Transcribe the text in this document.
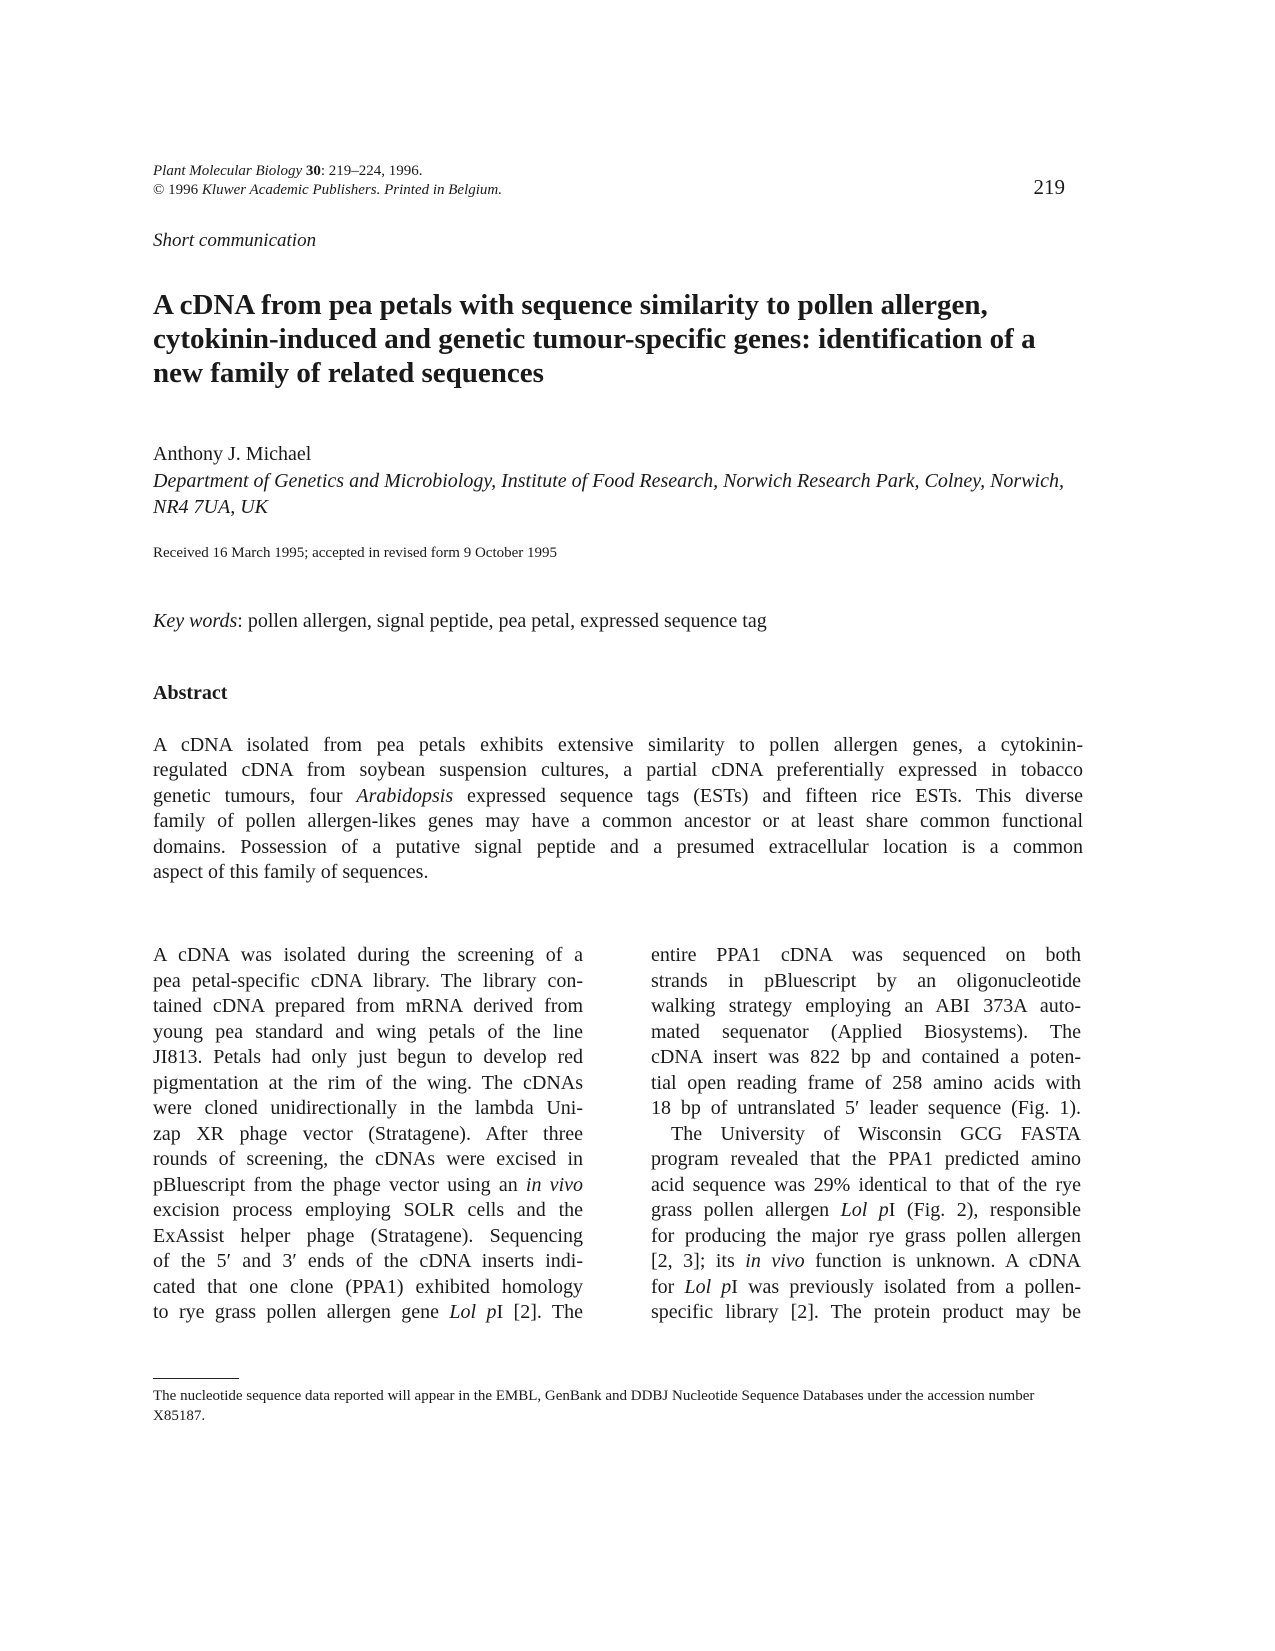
Plant Molecular Biology 30: 219–224, 1996.
© 1996 Kluwer Academic Publishers. Printed in Belgium.	219
Short communication
A cDNA from pea petals with sequence similarity to pollen allergen, cytokinin-induced and genetic tumour-specific genes: identification of a new family of related sequences
Anthony J. Michael
Department of Genetics and Microbiology, Institute of Food Research, Norwich Research Park, Colney, Norwich, NR4 7UA, UK
Received 16 March 1995; accepted in revised form 9 October 1995
Key words: pollen allergen, signal peptide, pea petal, expressed sequence tag
Abstract
A cDNA isolated from pea petals exhibits extensive similarity to pollen allergen genes, a cytokinin-
regulated cDNA from soybean suspension cultures, a partial cDNA preferentially expressed in tobacco
genetic tumours, four Arabidopsis expressed sequence tags (ESTs) and fifteen rice ESTs. This diverse
family of pollen allergen-likes genes may have a common ancestor or at least share common functional
domains. Possession of a putative signal peptide and a presumed extracellular location is a common
aspect of this family of sequences.
A cDNA was isolated during the screening of a
pea petal-specific cDNA library. The library con-
tained cDNA prepared from mRNA derived from
young pea standard and wing petals of the line
JI813. Petals had only just begun to develop red
pigmentation at the rim of the wing. The cDNAs
were cloned unidirectionally in the lambda Uni-
zap XR phage vector (Stratagene). After three
rounds of screening, the cDNAs were excised in
pBluescript from the phage vector using an in vivo
excision process employing SOLR cells and the
ExAssist helper phage (Stratagene). Sequencing
of the 5′ and 3′ ends of the cDNA inserts indi-
cated that one clone (PPA1) exhibited homology
to rye grass pollen allergen gene Lol pI [2]. The
entire PPA1 cDNA was sequenced on both
strands in pBluescript by an oligonucleotide
walking strategy employing an ABI 373A auto-
mated sequenator (Applied Biosystems). The
cDNA insert was 822 bp and contained a poten-
tial open reading frame of 258 amino acids with
18 bp of untranslated 5′ leader sequence (Fig. 1).
The University of Wisconsin GCG FASTA
program revealed that the PPA1 predicted amino
acid sequence was 29% identical to that of the rye
grass pollen allergen Lol pI (Fig. 2), responsible
for producing the major rye grass pollen allergen
[2, 3]; its in vivo function is unknown. A cDNA
for Lol pI was previously isolated from a pollen-
specific library [2]. The protein product may be
The nucleotide sequence data reported will appear in the EMBL, GenBank and DDBJ Nucleotide Sequence Databases under the accession number X85187.
